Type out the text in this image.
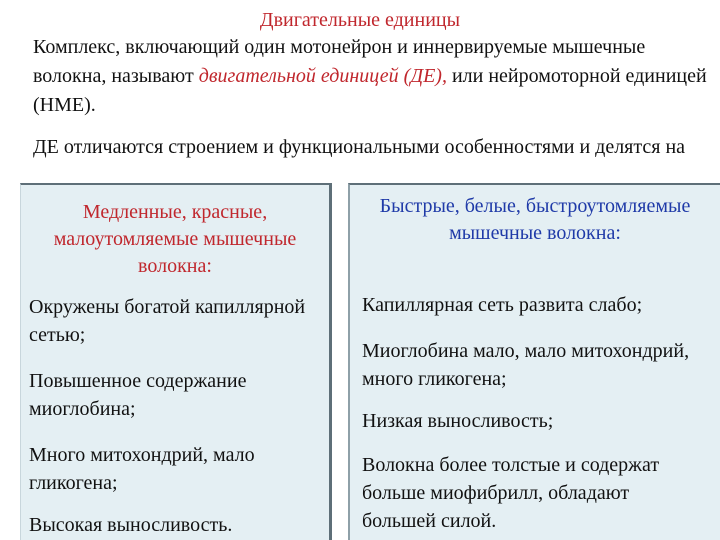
Двигательные единицы

Комплекс, включающий один мотонейрон и иннервируемые мышечные волокна, называют двигательной единицей (ДЕ), или нейромоторной единицей (НМЕ).

ДЕ отличаются строением и функциональными особенностями и делятся на

Медленные, красные, малоутомляемые мышечные волокна:

Окружены богатой капиллярной сетью;

Повышенное содержание миоглобина;

Много митохондрий, мало гликогена;

Высокая выносливость.

Быстрые, белые, быстроутомляемые мышечные волокна:

Капиллярная сеть развита слабо;

Миоглобина мало, мало митохондрий, много гликогена;

Низкая выносливость;

Волокна более толстые и содержат больше миофибрилл, обладают большей силой.
